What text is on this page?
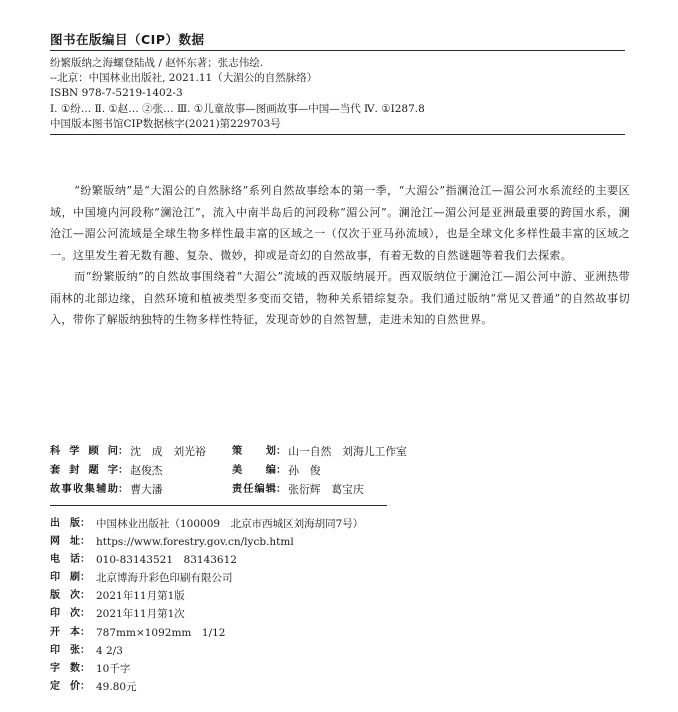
图书在版编目（CIP）数据
纷繁版纳之海螺登陆战 / 赵怀东著；张志伟绘.
--北京：中国林业出版社, 2021.11（大湄公的自然脉络）
ISBN 978-7-5219-1402-3
Ⅰ. ①纷… Ⅱ. ①赵… ②张… Ⅲ. ①儿童故事—图画故事—中国—当代 Ⅳ. ①I287.8
中国版本图书馆CIP数据核字(2021)第229703号

“纷繁版纳”是“大湄公的自然脉络”系列自然故事绘本的第一季，“大湄公”指澜沧江—湄公河水系流经的主要区域，中国境内河段称“澜沧江”，流入中南半岛后的河段称“湄公河”。澜沧江—湄公河是亚洲最重要的跨国水系，澜沧江—湄公河流域是全球生物多样性最丰富的区域之一（仅次于亚马孙流域），也是全球文化多样性最丰富的区域之一。这里发生着无数有趣、复杂、微妙，抑或是奇幻的自然故事，有着无数的自然谜题等着我们去探索。

而“纷繁版纳”的自然故事围绕着“大湄公”流域的西双版纳展开。西双版纳位于澜沧江—湄公河中游、亚洲热带雨林的北部边缘，自然环境和植被类型多变而交错，物种关系错综复杂。我们通过版纳“常见又普通”的自然故事切入，带你了解版纳独特的生物多样性特征，发现奇妙的自然智慧，走进未知的自然世界。

科学顾问 ： 沈　成　刘光裕	策　　划 ： 山一自然　刘海儿工作室
套封题字 ： 赵俊杰	美　　编 ： 孙　俊
故事收集辅助 ： 曹大潘	责任编辑 ： 张衍辉　葛宝庆
出版 ： 中国林业出版社（100009　北京市西城区刘海胡同7号）
网址 ： https://www.forestry.gov.cn/lycb.html
电话 ： 010-83143521　83143612
印刷 ： 北京博海升彩色印刷有限公司
版次 ： 2021年11月第1版
印次 ： 2021年11月第1次
开本 ： 787mm×1092mm　1/12
印张 ： 4 2/3
字数 ： 10千字
定价 ： 49.80元
